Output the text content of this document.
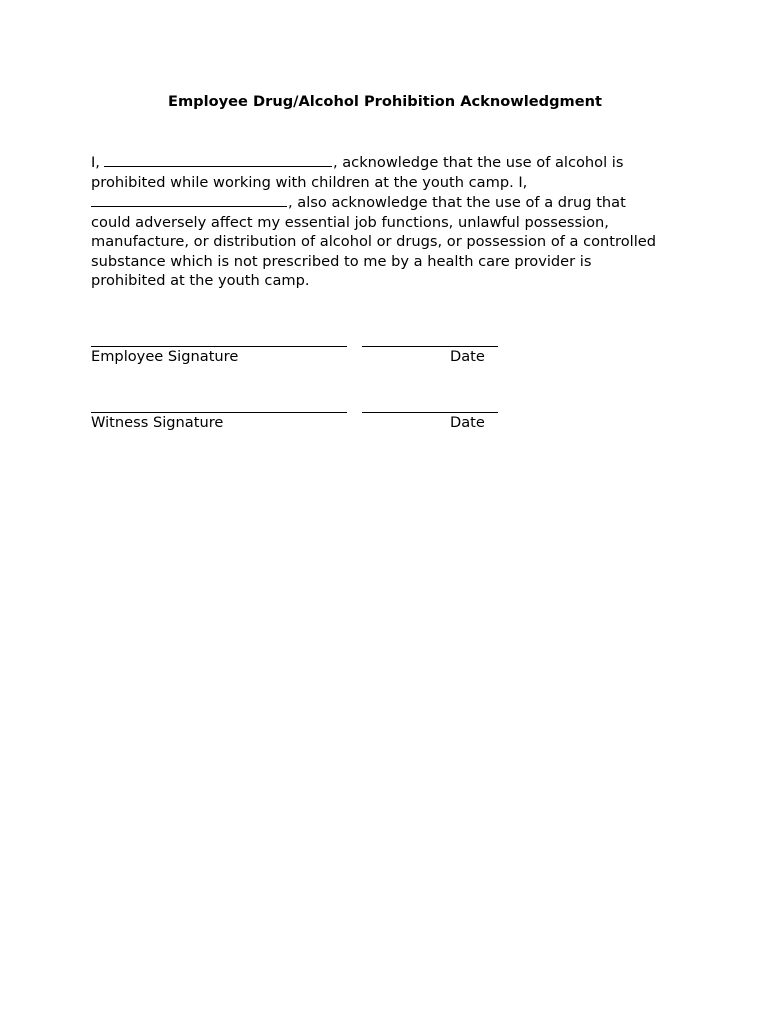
Employee Drug/Alcohol Prohibition Acknowledgment
I,	, acknowledge that the use of alcohol is
prohibited while working with children at the youth camp. I,
, also acknowledge that the use of a drug that
could adversely affect my essential job functions, unlawful possession,
manufacture, or distribution of alcohol or drugs, or possession of a controlled
substance which is not prescribed to me by a health care provider is
prohibited at the youth camp.
Employee Signature	Date
Witness Signature	Date
